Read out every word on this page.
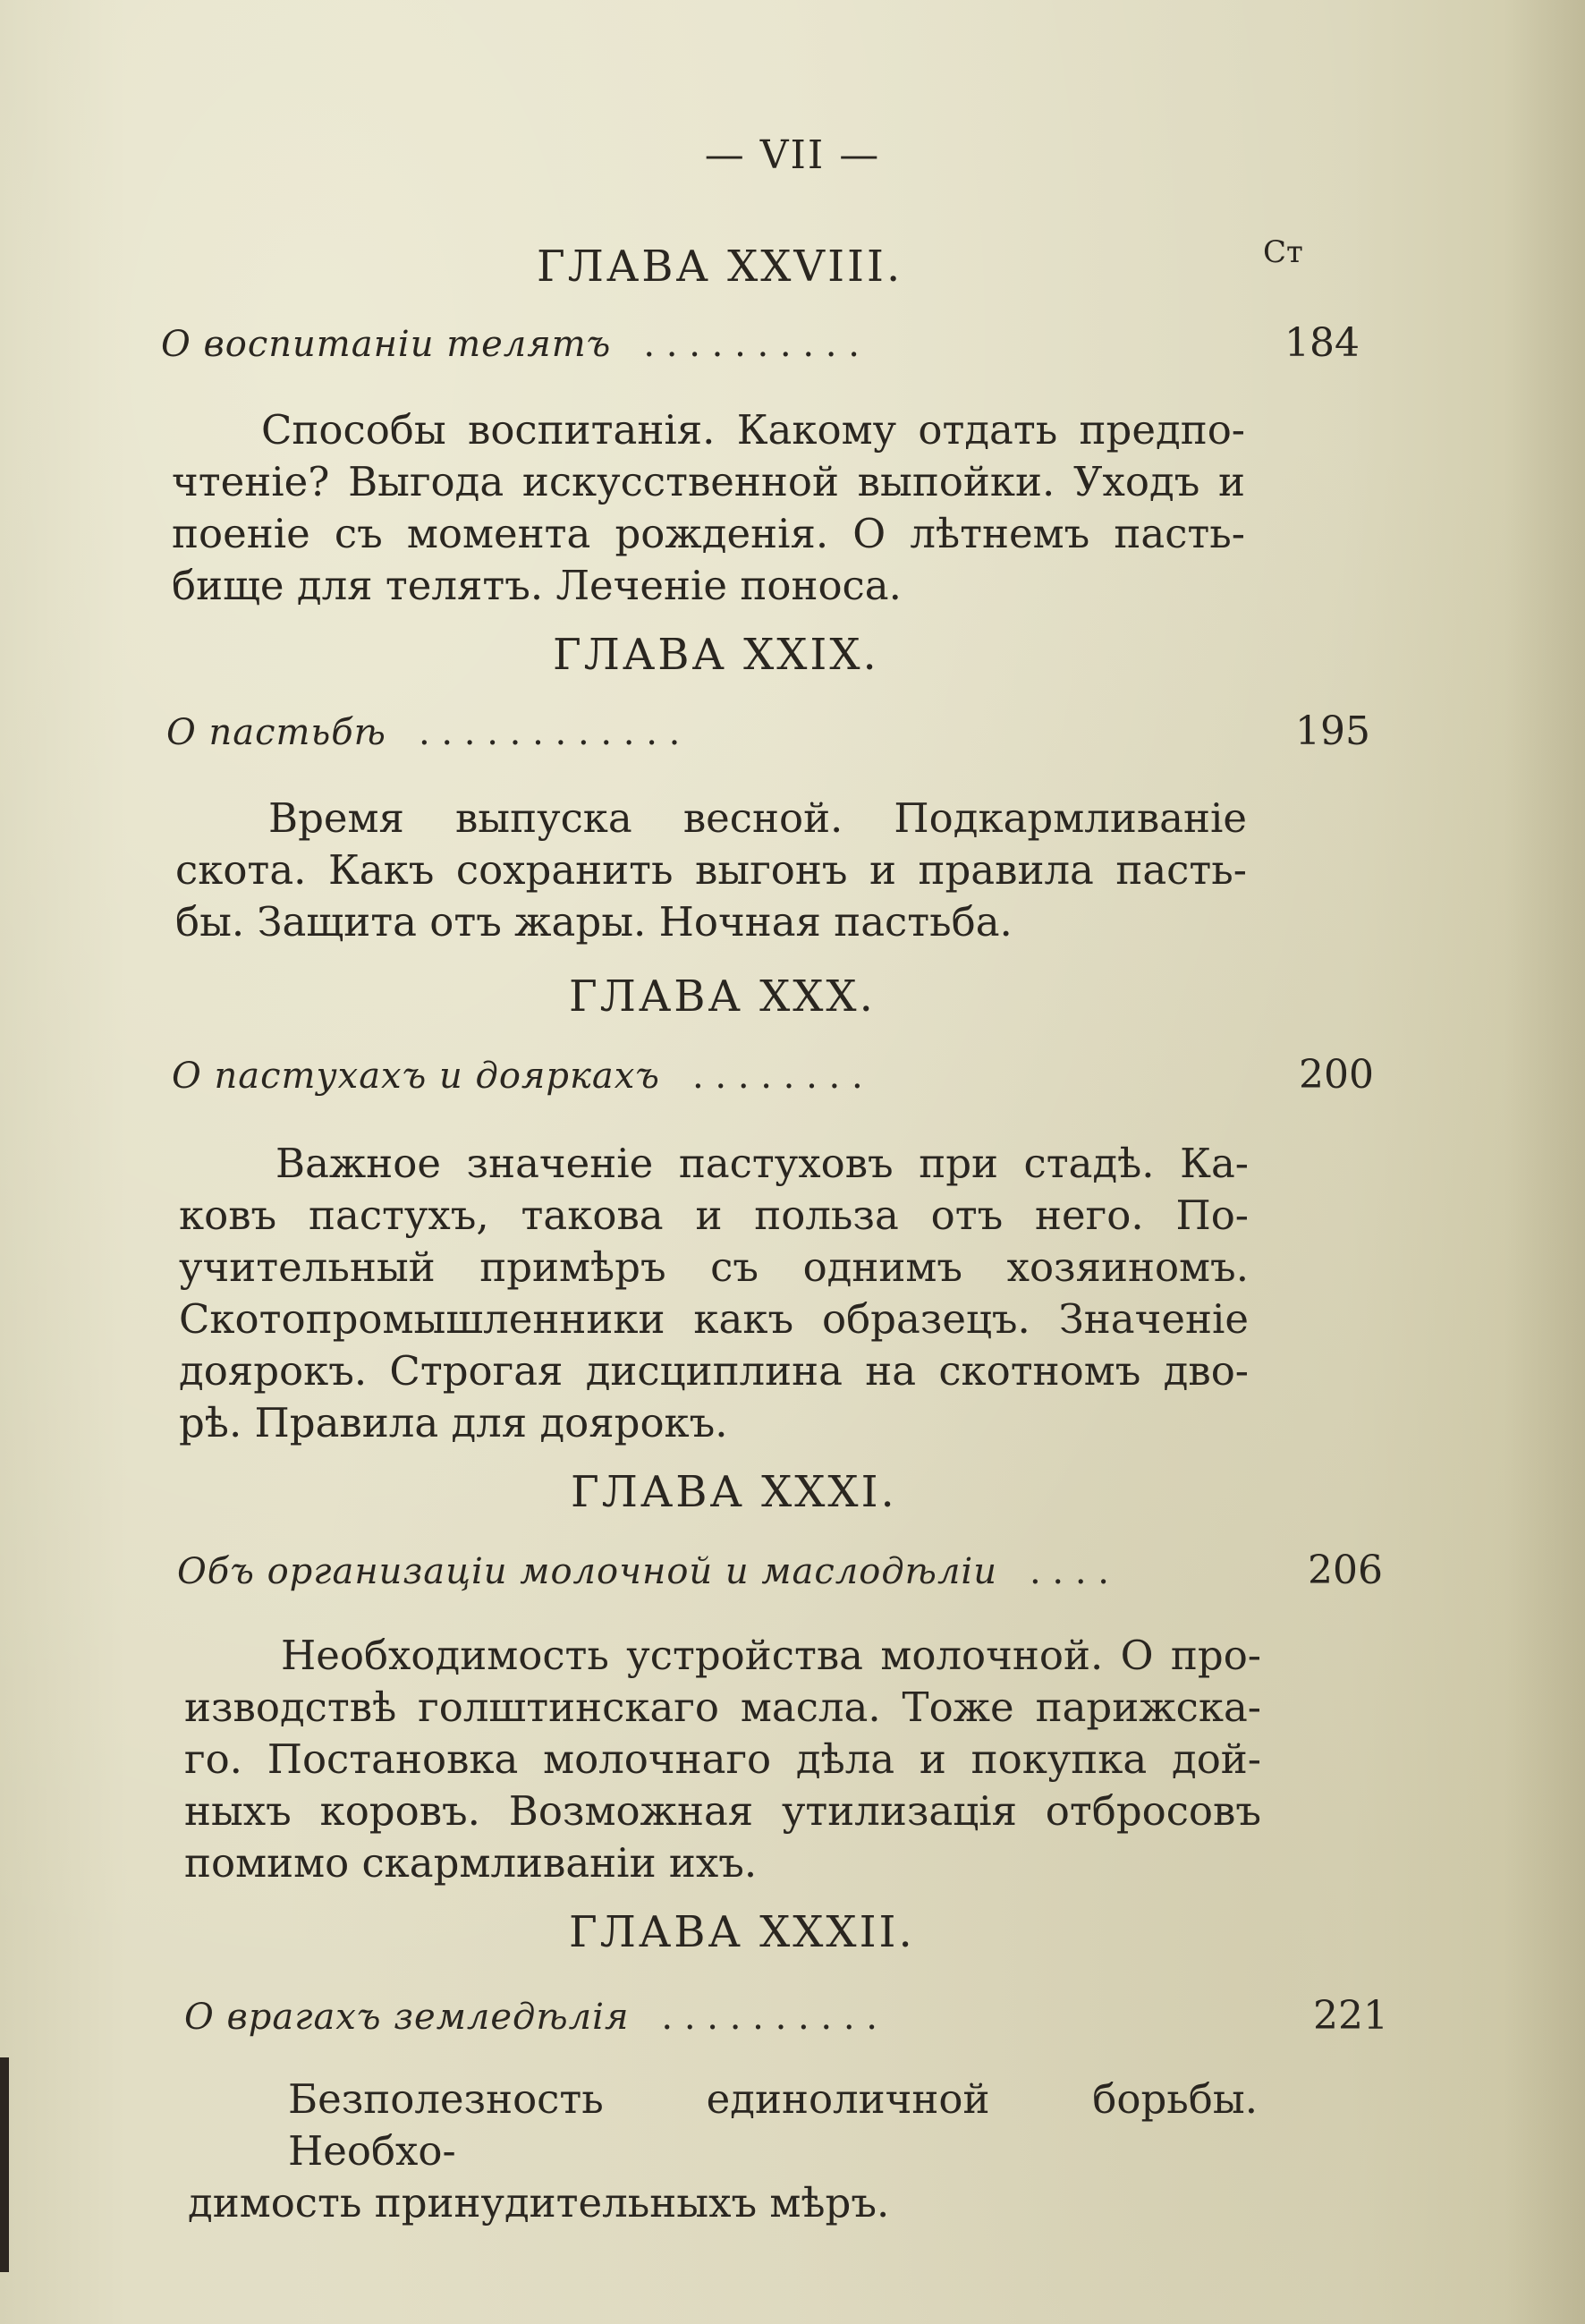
— VII —
Ст
ГЛАВА XXVIII.
О воспитаніи телятъ . . . . . . . . . .	184
Способы воспитанія. Какому отдать предпо-
чтеніе? Выгода искусственной выпойки. Уходъ и
поеніе съ момента рожденія. О лѣтнемъ пасть-
бище для телятъ. Леченіе поноса.
ГЛАВА XXIX.
О пастьбѣ . . . . . . . . . . . .	195
Время выпуска весной. Подкармливаніе
скота. Какъ сохранить выгонъ и правила пасть-
бы. Защита отъ жары. Ночная пастьба.
ГЛАВА XXX.
О пастухахъ и дояркахъ . . . . . . . .	200
Важное значеніе пастуховъ при стадѣ. Ка-
ковъ пастухъ, такова и польза отъ него. По-
учительный примѣръ съ однимъ хозяиномъ.
Скотопромышленники какъ образецъ. Значеніе
доярокъ. Строгая дисциплина на скотномъ дво-
рѣ. Правила для доярокъ.
ГЛАВА XXXI.
Объ организаціи молочной и маслодѣліи . . . .	206
Необходимость устройства молочной. О про-
изводствѣ голштинскаго масла. Тоже парижска-
го. Постановка молочнаго дѣла и покупка дой-
ныхъ коровъ. Возможная утилизація отбросовъ
помимо скармливаніи ихъ.
ГЛАВА XXXII.
О врагахъ земледѣлія . . . . . . . . . .	221
Безполезность единоличной борьбы. Необхо-
димость принудительныхъ мѣръ.
